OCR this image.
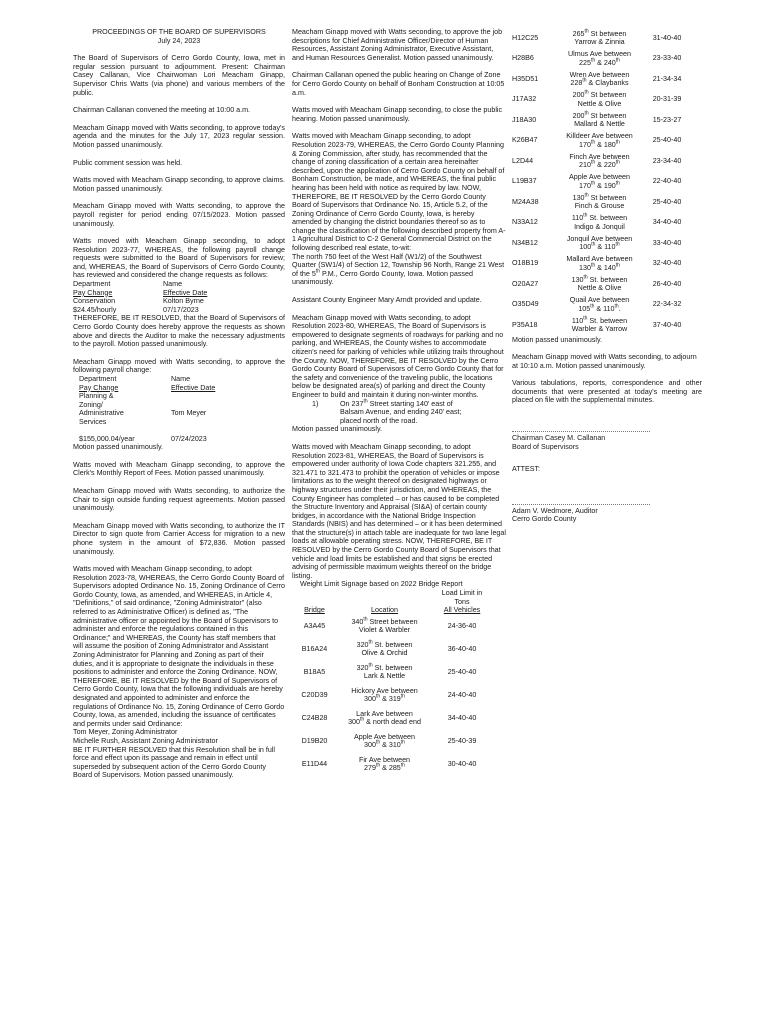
PROCEEDINGS OF THE BOARD OF SUPERVISORS
July 24, 2023

The Board of Supervisors of Cerro Gordo County, Iowa, met in regular session pursuant to adjournment. Present: Chairman Casey Callanan, Vice Chairwoman Lori Meacham Ginapp, Supervisor Chris Watts (via phone) and various members of the public.

Chairman Callanan convened the meeting at 10:00 a.m.

Meacham Ginapp moved with Watts seconding, to approve today's agenda and the minutes for the July 17, 2023 regular session. Motion passed unanimously.

Public comment session was held.

Watts moved with Meacham Ginapp seconding, to approve claims. Motion passed unanimously.

Meacham Ginapp moved with Watts seconding, to approve the payroll register for period ending 07/15/2023. Motion passed unanimously.

Watts moved with Meacham Ginapp seconding, to adopt Resolution 2023-77, WHEREAS, the following payroll change requests were submitted to the Board of Supervisors for review; and, WHEREAS, the Board of Supervisors of Cerro Gordo County, has reviewed and considered the change requests as follows:
Department	Name
Pay Change	Effective Date
Conservation	Kolton Byrne
$24.45/hourly	07/17/2023

THEREFORE, BE IT RESOLVED, that the Board of Supervisors of Cerro Gordo County does hereby approve the requests as shown above and directs the Auditor to make the necessary adjustments to the payroll. Motion passed unanimously.

Meacham Ginapp moved with Watts seconding, to approve the following payroll change:
Department	Name
Pay Change	Effective Date
Planning &	
Zoning/	Tom Meyer
Administrative	
Services	
$155,000.04/year	07/24/2023

Motion passed unanimously.

Watts moved with Meacham Ginapp seconding, to approve the Clerk's Monthly Report of Fees. Motion passed unanimously.

Meacham Ginapp moved with Watts seconding, to authorize the Chair to sign outside funding request agreements. Motion passed unanimously.

Meacham Ginapp moved with Watts seconding, to authorize the IT Director to sign quote from Carrier Access for migration to a new phone system in the amount of $72,836. Motion passed unanimously.

Watts moved with Meacham Ginapp seconding, to adopt Resolution 2023-78, WHEREAS, the Cerro Gordo County Board of Supervisors adopted Ordinance No. 15, Zoning Ordinance of Cerro Gordo County, Iowa, as amended, and WHEREAS, in Article 4, "Definitions," of said ordinance, "Zoning Administrator" (also referred to as Administrative Officer) is defined as, "The administrative officer or appointed by the Board of Supervisors to administer and enforce the regulations contained in this Ordinance;" and WHEREAS, the County has staff members that will assume the position of Zoning Administrator and Assistant Zoning Administrator for Planning and Zoning as part of their duties, and it is appropriate to designate the individuals in these positions to administer and enforce the Zoning Ordinance. NOW, THEREFORE, BE IT RESOLVED by the Board of Supervisors of Cerro Gordo County, Iowa that the following individuals are hereby designated and appointed to administer and enforce the regulations of Ordinance No. 15, Zoning Ordinance of Cerro Gordo County, Iowa, as amended, including the issuance of certificates and permits under said Ordinance:
Tom Meyer, Zoning Administrator
Michelle Rush, Assistant Zoning Administrator
BE IT FURTHER RESOLVED that this Resolution shall be in full force and effect upon its passage and remain in effect until superseded by subsequent action of the Cerro Gordo County Board of Supervisors. Motion passed unanimously.

Meacham Ginapp moved with Watts seconding, to approve the job descriptions for Chief Administrative Officer/Director of Human Resources, Assistant Zoning Administrator, Executive Assistant, and Human Resources Generalist. Motion passed unanimously.

Chairman Callanan opened the public hearing on Change of Zone for Cerro Gordo County on behalf of Bonham Construction at 10:05 a.m.

Watts moved with Meacham Ginapp seconding, to close the public hearing. Motion passed unanimously.

Watts moved with Meacham Ginapp seconding, to adopt Resolution 2023-79, WHEREAS, the Cerro Gordo County Planning & Zoning Commission, after study, has recommended that the change of zoning classification of a certain area hereinafter described, upon the application of Cerro Gordo County on behalf of Bonham Construction, be made, and WHEREAS, the final public hearing has been held with notice as required by law. NOW, THEREFORE, BE IT RESOLVED by the Cerro Gordo County Board of Supervisors that Ordinance No. 15, Article 5.2, of the Zoning Ordinance of Cerro Gordo County, Iowa, is hereby amended by changing the district boundaries thereof so as to change the classification of the following described property from A-1 Agricultural District to C-2 General Commercial District on the following described real estate, to-wit:

The north 750 feet of the West Half (W1/2) of the Southwest Quarter (SW1/4) of Section 12, Township 96 North, Range 21 West of the 5th P.M., Cerro Gordo County, Iowa. Motion passed unanimously.

Assistant County Engineer Mary Arndt provided and update.

Meacham Ginapp moved with Watts seconding, to adopt Resolution 2023-80, WHEREAS, The Board of Supervisors is empowered to designate segments of roadways for parking and no parking, and WHEREAS, the County wishes to accommodate citizen's need for parking of vehicles while utilizing trails throughout the County. NOW, THEREFORE, BE IT RESOLVED by the Cerro Gordo County Board of Supervisors of Cerro Gordo County that for the safety and convenience of the traveling public, the locations below be designated area(s) of parking and direct the County Engineer to build and maintain it during non-winter months.
1)	On 237th Street starting 140' east of Balsam Avenue, and ending 240' east; placed north of the road.

Motion passed unanimously.

Watts moved with Meacham Ginapp seconding, to adopt Resolution 2023-81, WHEREAS, the Board of Supervisors is empowered under authority of Iowa Code chapters 321.255, and 321.471 to 321.473 to prohibit the operation of vehicles or impose limitations as to the weight thereof on designated highways or highway structures under their jurisdiction, and WHEREAS, the County Engineer has completed – or has caused to be completed the Structure Inventory and Appraisal (SI&A) of certain county bridges, in accordance with the National Bridge Inspection Standards (NBIS) and has determined – or it has been determined that the structure(s) in attach table are inadequate for two lane legal loads at allowable operating stress. NOW, THEREFORE, BE IT RESOLVED by the Cerro Gordo County Board of Supervisors that vehicle and load limits be established and that signs be erected advising of permissible maximum weights thereof on the bridge listing.
Weight Limit Signage based on 2022 Bridge Report
Bridge	Location	Load Limit in
Tons
All Vehicles

A3A45	340th Street between
Violet & Warbler	24-36-40
B16A24	320th St. between
Olive & Orchid	36-40-40
B18A5	320th St. between
Lark & Nettle	25-40-40
C20D39	Hickory Ave between
300th & 319th	24-40-40
C24B28	Lark Ave between
300th & north dead end	34-40-40
D19B20	Apple Ave between
300th & 310th	25-40-39
E11D44	Fir Ave between
279th & 285th	30-40-40
H12C25	265th St between
Yarrow & Zinnia	31-40-40
H28B6	Ulmus Ave between
225th & 240th	23-33-40
H35D51	Wren Ave between
228th & Claybanks	21-34-34
J17A32	200th St between
Nettle & Olive	20-31-39
J18A30	200th St between
Mallard & Nettle	15-23-27
K26B47	Killdeer Ave between
170th & 180th	25-40-40
L2D44	Finch Ave between
210th & 220th	23-34-40
L19B37	Apple Ave between
170th & 190th	22-40-40
M24A38	130th St between
Finch & Grouse	25-40-40
N33A12	110th St. between
Indigo & Jonquil	34-40-40
N34B12	Jonquil Ave between
100th & 110th	33-40-40
O18B19	Mallard Ave between
130th & 140th	32-40-40
O20A27	130th St. between
Nettle & Olive	26-40-40
O35D49	Quail Ave between
105th & 110th.	22-34-32
P35A18	110th St. between
Warbler & Yarrow	37-40-40

Motion passed unanimously.

Meacham Ginapp moved with Watts seconding, to adjourn at 10:10 a.m. Motion passed unanimously.

Various tabulations, reports, correspondence and other documents that were presented at today's meeting are placed on file with the supplemental minutes.

Chairman Casey M. Callanan
Board of Supervisors
ATTEST:
Adam V. Wedmore, Auditor
Cerro Gordo County
